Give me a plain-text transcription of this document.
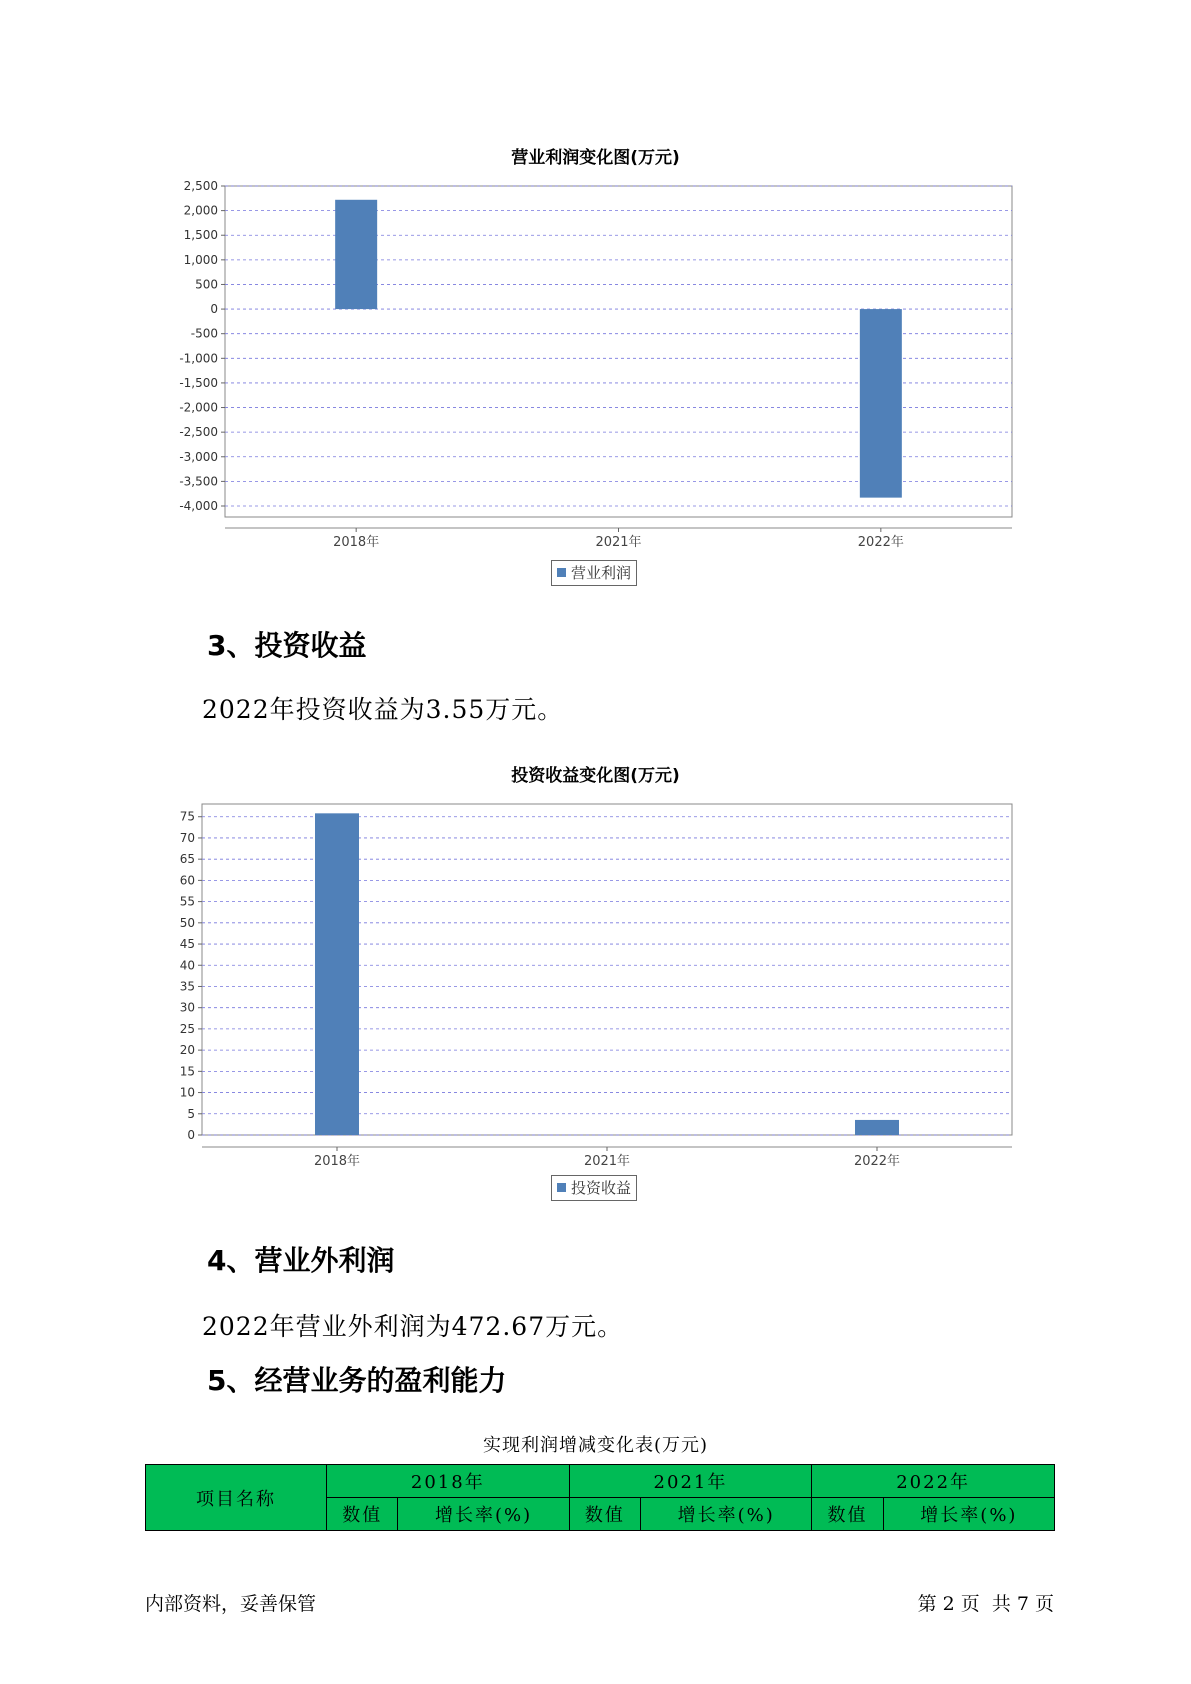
营业利润变化图(万元)
2,500
2,000
1,500
1,000
500
0
-500
-1,000
-1,500
-2,000
-2,500
-3,000
-3,500
-4,000
2018年	2021年	2022年
营业利润
3、投资收益
2022年投资收益为3.55万元。
投资收益变化图(万元)
75
70
65
60
55
50
45
40
35
30
25
20
15
10
5
0
2018年	2021年	2022年
投资收益
4、营业外利润
2022年营业外利润为472.67万元。
5、经营业务的盈利能力
实现利润增减变化表(万元)
项目名称	2018年		2021年		2022年	
	数值	增长率(%)	数值	增长率(%)	数值	增长率(%)
内部资料，妥善保管	第 2 页  共 7 页
